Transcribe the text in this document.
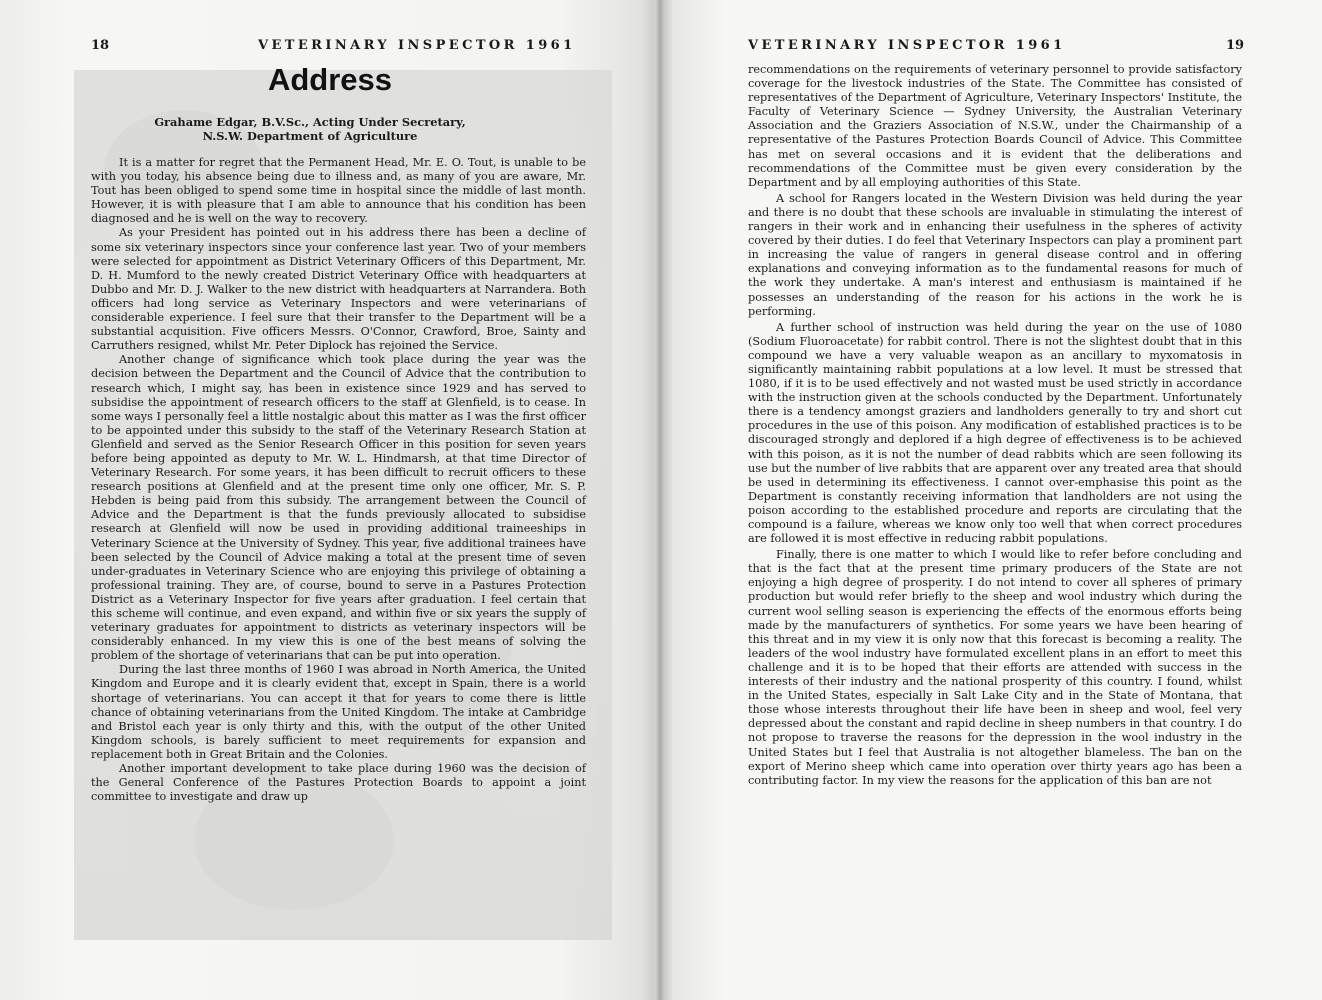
18	VETERINARY INSPECTOR 1961
Address
Grahame Edgar, B.V.Sc., Acting Under Secretary,
N.S.W. Department of Agriculture

It is a matter for regret that the Permanent Head, Mr. E. O. Tout, is unable to be with you today, his absence being due to illness and, as many of you are aware, Mr. Tout has been obliged to spend some time in hospital since the middle of last month. However, it is with pleasure that I am able to announce that his condition has been diagnosed and he is well on the way to recovery.

As your President has pointed out in his address there has been a decline of some six veterinary inspectors since your conference last year. Two of your members were selected for appointment as District Veterinary Officers of this Department, Mr. D. H. Mumford to the newly created District Veterinary Office with headquarters at Dubbo and Mr. D. J. Walker to the new district with headquarters at Narrandera. Both officers had long service as Veterinary Inspectors and were veterinarians of considerable experience. I feel sure that their transfer to the Department will be a substantial acquisition. Five officers Messrs. O'Connor, Crawford, Broe, Sainty and Carruthers resigned, whilst Mr. Peter Diplock has rejoined the Service.

Another change of significance which took place during the year was the decision between the Department and the Council of Advice that the contribution to research which, I might say, has been in existence since 1929 and has served to subsidise the appointment of research officers to the staff at Glenfield, is to cease. In some ways I personally feel a little nostalgic about this matter as I was the first officer to be appointed under this subsidy to the staff of the Veterinary Research Station at Glenfield and served as the Senior Research Officer in this position for seven years before being appointed as deputy to Mr. W. L. Hindmarsh, at that time Director of Veterinary Research. For some years, it has been difficult to recruit officers to these research positions at Glenfield and at the present time only one officer, Mr. S. P. Hebden is being paid from this subsidy. The arrangement between the Council of Advice and the Department is that the funds previously allocated to subsidise research at Glenfield will now be used in providing additional traineeships in Veterinary Science at the University of Sydney. This year, five additional trainees have been selected by the Council of Advice making a total at the present time of seven under-graduates in Veterinary Science who are enjoying this privilege of obtaining a professional training. They are, of course, bound to serve in a Pastures Protection District as a Veterinary Inspector for five years after graduation. I feel certain that this scheme will continue, and even expand, and within five or six years the supply of veterinary graduates for appointment to districts as veterinary inspectors will be considerably enhanced. In my view this is one of the best means of solving the problem of the shortage of veterinarians that can be put into operation.

During the last three months of 1960 I was abroad in North America, the United Kingdom and Europe and it is clearly evident that, except in Spain, there is a world shortage of veterinarians. You can accept it that for years to come there is little chance of obtaining veterinarians from the United Kingdom. The intake at Cambridge and Bristol each year is only thirty and this, with the output of the other United Kingdom schools, is barely sufficient to meet requirements for expansion and replacement both in Great Britain and the Colonies.

Another important development to take place during 1960 was the decision of the General Conference of the Pastures Protection Boards to appoint a joint committee to investigate and draw up

VETERINARY INSPECTOR 1961	19

recommendations on the requirements of veterinary personnel to provide satisfactory coverage for the livestock industries of the State. The Committee has consisted of representatives of the Department of Agriculture, Veterinary Inspectors' Institute, the Faculty of Veterinary Science — Sydney University, the Australian Veterinary Association and the Graziers Association of N.S.W., under the Chairmanship of a representative of the Pastures Protection Boards Council of Advice. This Committee has met on several occasions and it is evident that the deliberations and recommendations of the Committee must be given every consideration by the Department and by all employing authorities of this State.

A school for Rangers located in the Western Division was held during the year and there is no doubt that these schools are invaluable in stimulating the interest of rangers in their work and in enhancing their usefulness in the spheres of activity covered by their duties. I do feel that Veterinary Inspectors can play a prominent part in increasing the value of rangers in general disease control and in offering explanations and conveying information as to the fundamental reasons for much of the work they undertake. A man's interest and enthusiasm is maintained if he possesses an understanding of the reason for his actions in the work he is performing.

A further school of instruction was held during the year on the use of 1080 (Sodium Fluoroacetate) for rabbit control. There is not the slightest doubt that in this compound we have a very valuable weapon as an ancillary to myxomatosis in significantly maintaining rabbit populations at a low level. It must be stressed that 1080, if it is to be used effectively and not wasted must be used strictly in accordance with the instruction given at the schools conducted by the Department. Unfortunately there is a tendency amongst graziers and landholders generally to try and short cut procedures in the use of this poison. Any modification of established practices is to be discouraged strongly and deplored if a high degree of effectiveness is to be achieved with this poison, as it is not the number of dead rabbits which are seen following its use but the number of live rabbits that are apparent over any treated area that should be used in determining its effectiveness. I cannot over-emphasise this point as the Department is constantly receiving information that landholders are not using the poison according to the established procedure and reports are circulating that the compound is a failure, whereas we know only too well that when correct procedures are followed it is most effective in reducing rabbit populations.

Finally, there is one matter to which I would like to refer before concluding and that is the fact that at the present time primary producers of the State are not enjoying a high degree of prosperity. I do not intend to cover all spheres of primary production but would refer briefly to the sheep and wool industry which during the current wool selling season is experiencing the effects of the enormous efforts being made by the manufacturers of synthetics. For some years we have been hearing of this threat and in my view it is only now that this forecast is becoming a reality. The leaders of the wool industry have formulated excellent plans in an effort to meet this challenge and it is to be hoped that their efforts are attended with success in the interests of their industry and the national prosperity of this country. I found, whilst in the United States, especially in Salt Lake City and in the State of Montana, that those whose interests throughout their life have been in sheep and wool, feel very depressed about the constant and rapid decline in sheep numbers in that country. I do not propose to traverse the reasons for the depression in the wool industry in the United States but I feel that Australia is not altogether blameless. The ban on the export of Merino sheep which came into operation over thirty years ago has been a contributing factor. In my view the reasons for the application of this ban are not
